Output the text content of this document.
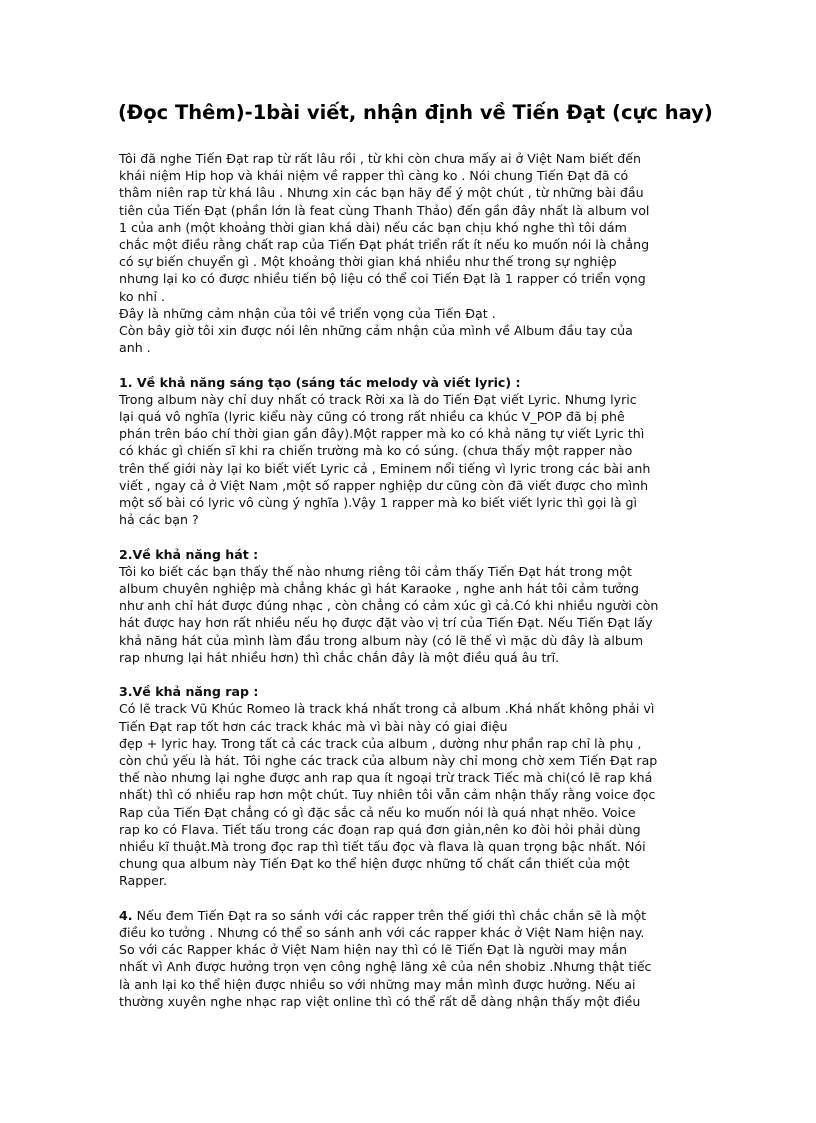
(Đọc Thêm)-1bài viết, nhận định về Tiến Đạt (cực hay)

Tôi đã nghe Tiến Đạt rap từ rất lâu rồi , từ khi còn chưa mấy ai ở Việt Nam biết đến

khái niệm Hip hop và khái niệm về rapper thì càng ko . Nói chung Tiến Đạt đã có

thâm niên rap từ khá lâu . Nhưng xin các bạn hãy để ý một chút , từ những bài đầu

tiên của Tiến Đạt (phần lớn là feat cùng Thanh Thảo) đến gần đây nhất là album vol

1 của anh (một khoảng thời gian khá dài) nếu các bạn chịu khó nghe thì tôi dám

chắc một điều rằng chất rap của Tiến Đạt phát triển rất ít nếu ko muốn nói là chẳng

có sự biến chuyển gì . Một khoảng thời gian khá nhiều như thế trong sự nghiệp

nhưng lại ko có được nhiều tiến bộ liệu có thể coi Tiến Đạt là 1 rapper có triển vọng

ko nhỉ .

Đây là những cảm nhận của tôi về triển vọng của Tiến Đạt .

Còn bây giờ tôi xin được nói lên những cảm nhận của mình về Album đầu tay của

anh .

1. Về khả năng sáng tạo (sáng tác melody và viết lyric) :

Trong album này chỉ duy nhất có track Rời xa là do Tiến Đạt viết Lyric. Nhưng lyric

lại quá vô nghĩa (lyric kiểu này cũng có trong rất nhiều ca khúc V_POP đã bị phê

phán trên báo chí thời gian gần đây).Một rapper mà ko có khả năng tự viết Lyric thì

có khác gì chiến sĩ khi ra chiến trường mà ko có súng. (chưa thấy một rapper nào

trên thế giới này lại ko biết viết Lyric cả , Eminem nổi tiếng vì lyric trong các bài anh

viết , ngay cả ở Việt Nam ,một số rapper nghiệp dư cũng còn đã viết được cho mình

một số bài có lyric vô cùng ý nghĩa ).Vậy 1 rapper mà ko biết viết lyric thì gọi là gì

hả các bạn ?

2.Về khả năng hát :

Tôi ko biết các bạn thấy thế nào nhưng riêng tôi cảm thấy Tiến Đạt hát trong một

album chuyên nghiệp mà chẳng khác gì hát Karaoke , nghe anh hát tôi cảm tưởng

như anh chỉ hát được đúng nhạc , còn chẳng có cảm xúc gì cả.Có khi nhiều người còn

hát được hay hơn rất nhiều nếu họ được đặt vào vị trí của Tiến Đạt. Nếu Tiến Đạt lấy

khả năng hát của mình làm đầu trong album này (có lẽ thế vì mặc dù đây là album

rap nhưng lại hát nhiều hơn) thì chắc chắn đây là một điều quá âu trĩ.

3.Về khả năng rap :

Có lẽ track Vũ Khúc Romeo là track khá nhất trong cả album .Khá nhất không phải vì

Tiến Đạt rap tốt hơn các track khác mà vì bài này có giai điệu

đẹp + lyric hay. Trong tất cả các track của album , dường như phần rap chỉ là phụ ,

còn chủ yếu là hát. Tôi nghe các track của album này chỉ mong chờ xem Tiến Đạt rap

thế nào nhưng lại nghe được anh rap qua ít ngoại trừ track Tiếc mà chi(có lẽ rap khá

nhất) thì có nhiều rap hơn một chút. Tuy nhiên tôi vẫn cảm nhận thấy rằng voice đọc

Rap của Tiến Đạt chẳng có gì đặc sắc cả nếu ko muốn nói là quá nhạt nhẽo. Voice

rap ko có Flava. Tiết tấu trong các đoạn rap quá đơn giản,nên ko đòi hỏi phải dùng

nhiều kĩ thuật.Mà trong đọc rap thì tiết tấu đọc và flava là quan trọng bậc nhất. Nói

chung qua album này Tiến Đạt ko thể hiện được những tố chất cần thiết của một

Rapper.

4. Nếu đem Tiến Đạt ra so sánh với các rapper trên thế giới thì chắc chắn sẽ là một

điều ko tưởng . Nhưng có thể so sánh anh với các rapper khác ở Việt Nam hiện nay.

So với các Rapper khác ở Việt Nam hiện nay thì có lẽ Tiến Đạt là người may mắn

nhất vì Anh được hưởng trọn vẹn công nghệ lăng xê của nền shobiz .Nhưng thật tiếc

là anh lại ko thể hiện được nhiều so với những may mắn mình được hưởng. Nếu ai

thường xuyên nghe nhạc rap việt online thì có thể rất dễ dàng nhận thấy một điều
